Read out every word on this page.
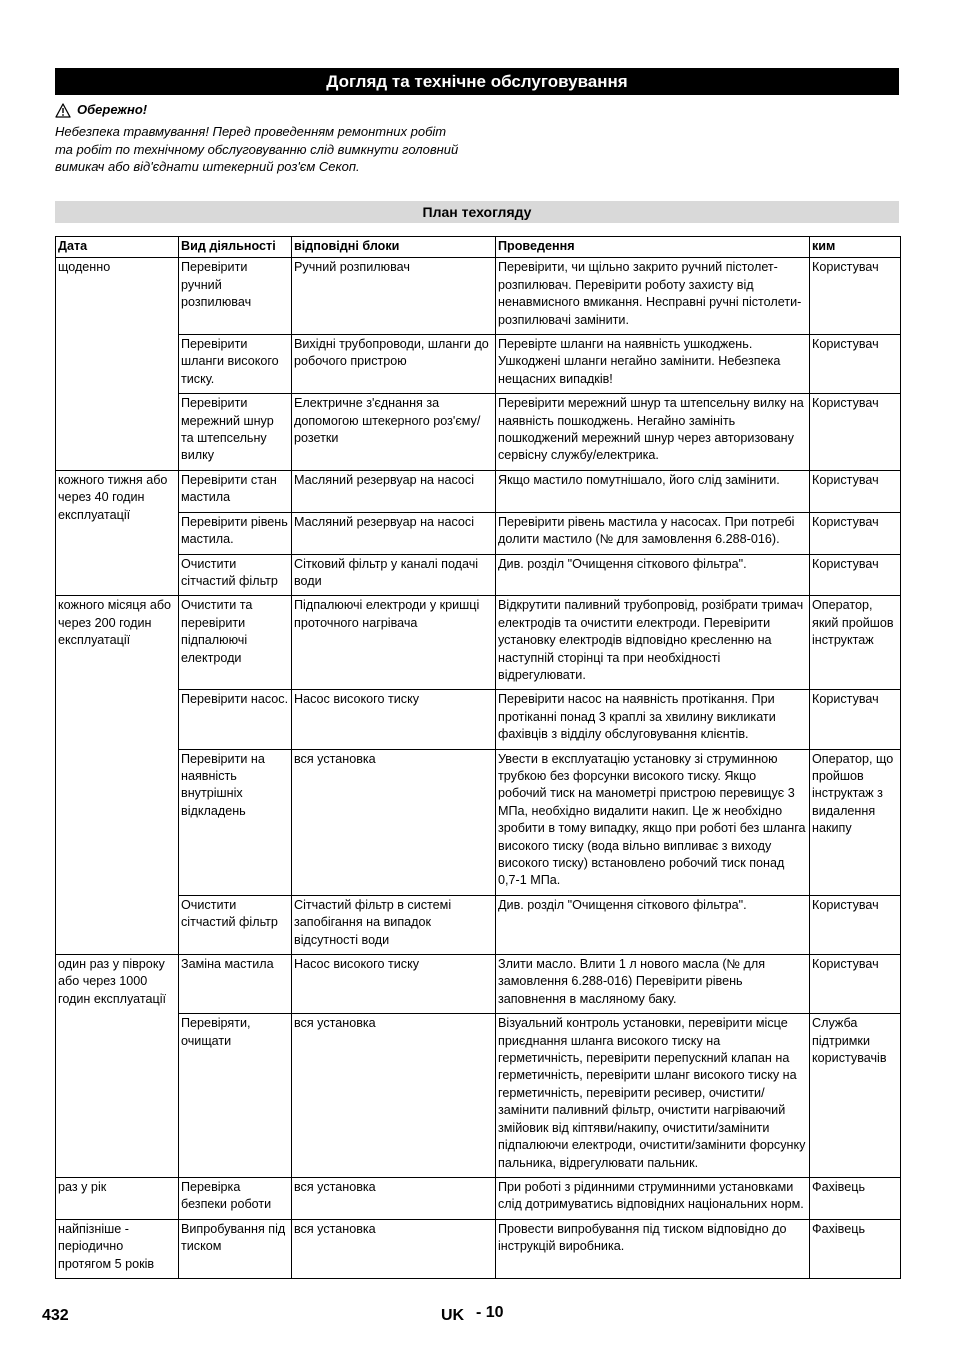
Догляд та технічне обслуговування
Обережно!
Небезпека травмування! Перед проведенням ремонтних робіт та робіт по технічному обслуговуванню слід вимкнути головний вимикач або від'єднати штекерний роз'єм Секоп.
План техогляду
Дата	Вид діяльності	відповідні блоки	Проведення	ким
щоденно	Перевірити ручний розпилювач	Ручний розпилювач	Перевірити, чи щільно закрито ручний пістолет-розпилювач. Перевірити роботу захисту від ненавмисного вмикання. Несправні ручні пістолети-розпилювачі замінити.	Користувач
	Перевірити шланги високого тиску.	Вихідні трубопроводи, шланги до робочого пристрою	Перевірте шланги на наявність ушкоджень. Ушкоджені шланги негайно замінити. Небезпека нещасних випадків!	Користувач
	Перевірити мережний шнур та штепсельну вилку	Електричне з'єднання за допомогою штекерного роз'єму/ розетки	Перевірити мережний шнур та штепсельну вилку на наявність пошкоджень. Негайно замініть пошкоджений мережний шнур через авторизовану сервісну службу/електрика.	Користувач
кожного тижня або через 40 годин експлуатації	Перевірити стан мастила	Масляний резервуар на насосі	Якщо мастило помутнішало, його слід замінити.	Користувач
	Перевірити рівень мастила.	Масляний резервуар на насосі	Перевірити рівень мастила у насосах. При потребі долити мастило (№ для замовлення 6.288-016).	Користувач
	Очистити сітчастий фільтр	Сітковий фільтр у каналі подачі води	Див. розділ "Очищення сіткового фільтра".	Користувач
кожного місяця або через 200 годин експлуатації	Очистити та перевірити підпалюючі електроди	Підпалюючі електроди у кришці проточного нагрівача	Відкрутити паливний трубопровід, розібрати тримач електродів та очистити електроди. Перевірити установку електродів відповідно кресленню на наступній сторінці та при необхідності відрегулювати.	Оператор, який пройшов інструктаж
	Перевірити насос.	Насос високого тиску	Перевірити насос на наявність протікання. При протіканні понад 3 краплі за хвилину викликати фахівців з відділу обслуговування клієнтів.	Користувач
	Перевірити на наявність внутрішніх відкладень	вся установка	Увести в експлуатацію установку зі струминною трубкою без форсунки високого тиску. Якщо робочий тиск на манометрі пристрою перевищує 3 МПа, необхідно видалити накип. Це ж необхідно зробити в тому випадку, якщо при роботі без шланга високого тиску (вода вільно випливає з виходу високого тиску) встановлено робочий тиск понад 0,7-1 МПа.	Оператор, що пройшов інструктаж з видалення накипу
	Очистити сітчастий фільтр	Сітчастий фільтр в системі запобігання на випадок відсутності води	Див. розділ "Очищення сіткового фільтра".	Користувач
один раз у півроку або через 1000 годин експлуатації	Заміна мастила	Насос високого тиску	Злити масло. Влити 1 л нового масла (№ для замовлення 6.288-016) Перевірити рівень заповнення в масляному баку.	Користувач
	Перевіряти, очищати	вся установка	Візуальний контроль установки, перевірити місце приєднання шланга високого тиску на герметичність, перевірити перепускний клапан на герметичність, перевірити шланг високого тиску на герметичність, перевірити ресивер, очистити/ замінити паливний фільтр, очистити нагріваючий змійовик від кіптяви/накипу, очистити/замінити підпалюючи електроди, очистити/замінити форсунку пальника, відрегулювати пальник.	Служба підтримки користувачів
раз у рік	Перевірка безпеки роботи	вся установка	При роботі з рідинними струминними установками слід дотримуватись відповідних національних норм.	Фахівець
найпізніше - періодично протягом 5 років	Випробування під тиском	вся установка	Провести випробування під тиском відповідно до інструкцій виробника.	Фахівець
432	UK - 10
